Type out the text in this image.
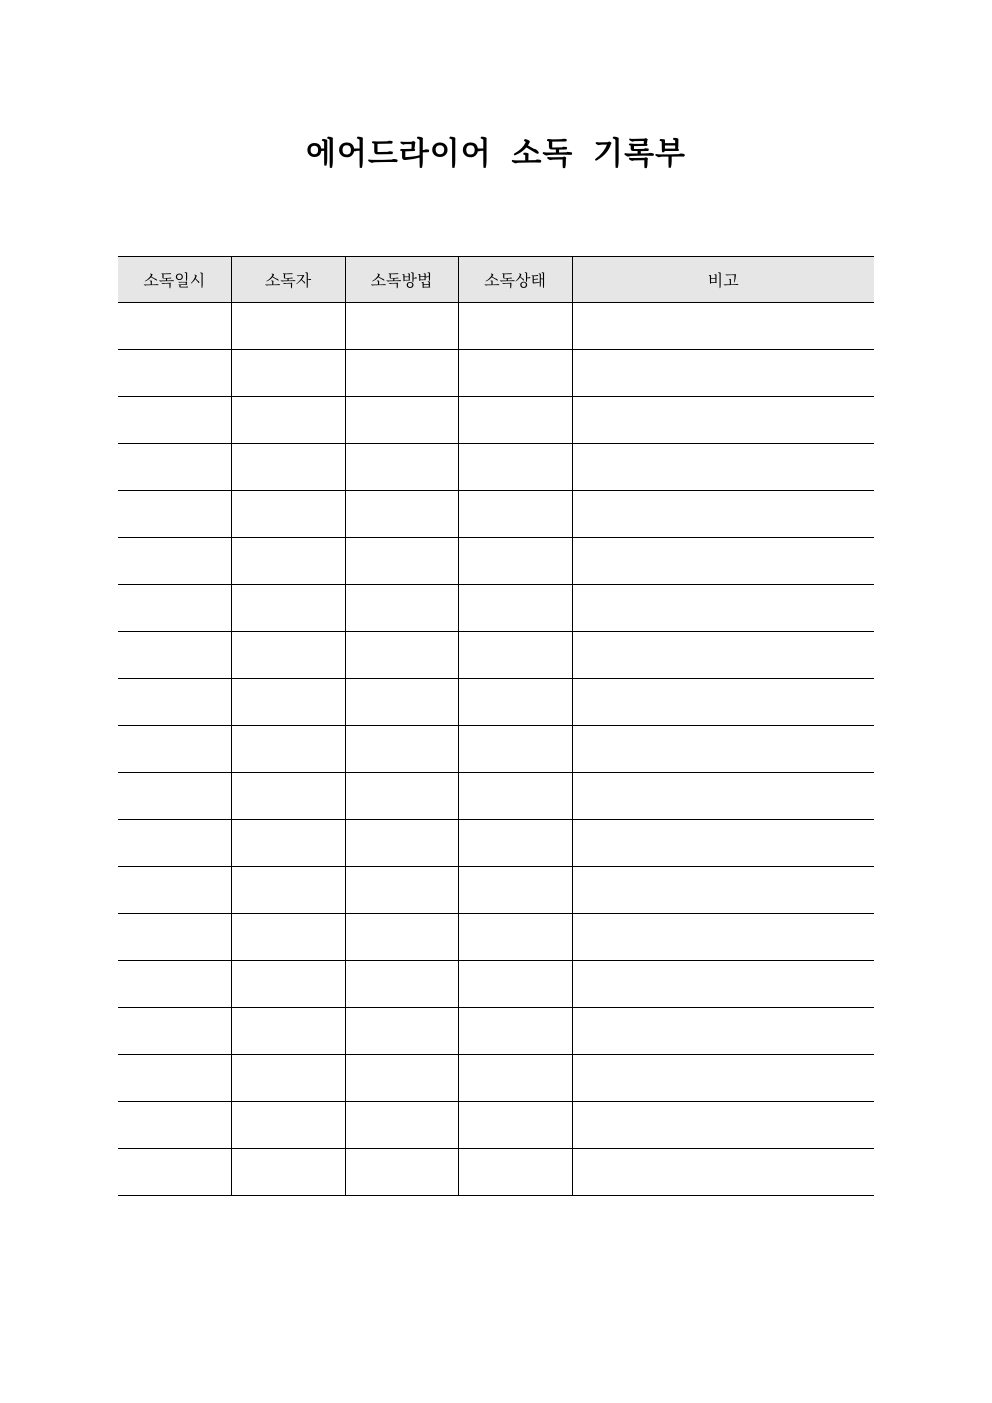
에어드라이어 소독 기록부
소독일시	소독자	소독방법	소독상태	비고
